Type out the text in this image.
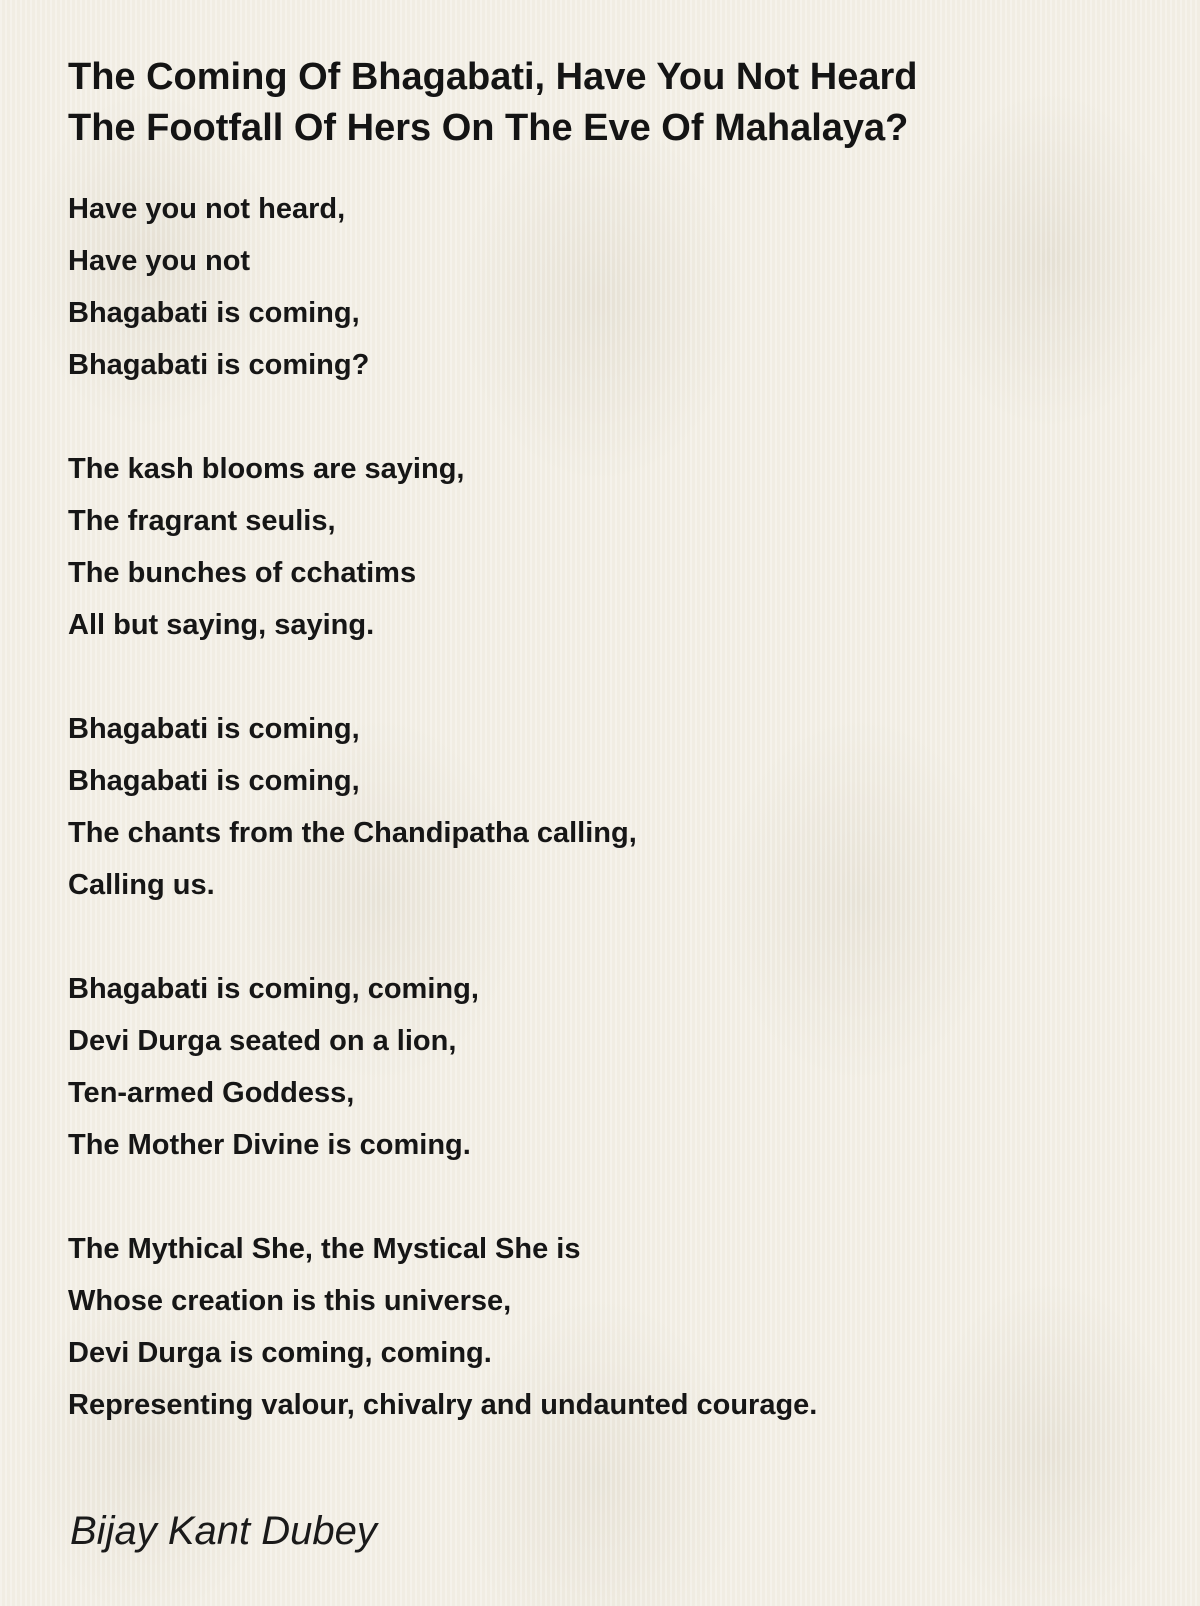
The Coming Of Bhagabati, Have You Not Heard
The Footfall Of Hers On The Eve Of Mahalaya?
Have you not heard,
Have you not
Bhagabati is coming,
Bhagabati is coming?
The kash blooms are saying,
The fragrant seulis,
The bunches of cchatims
All but saying, saying.
Bhagabati is coming,
Bhagabati is coming,
The chants from the Chandipatha calling,
Calling us.
Bhagabati is coming, coming,
Devi Durga seated on a lion,
Ten-armed Goddess,
The Mother Divine is coming.
The Mythical She, the Mystical She is
Whose creation is this universe,
Devi Durga is coming, coming.
Representing valour, chivalry and undaunted courage.
Bijay Kant Dubey
